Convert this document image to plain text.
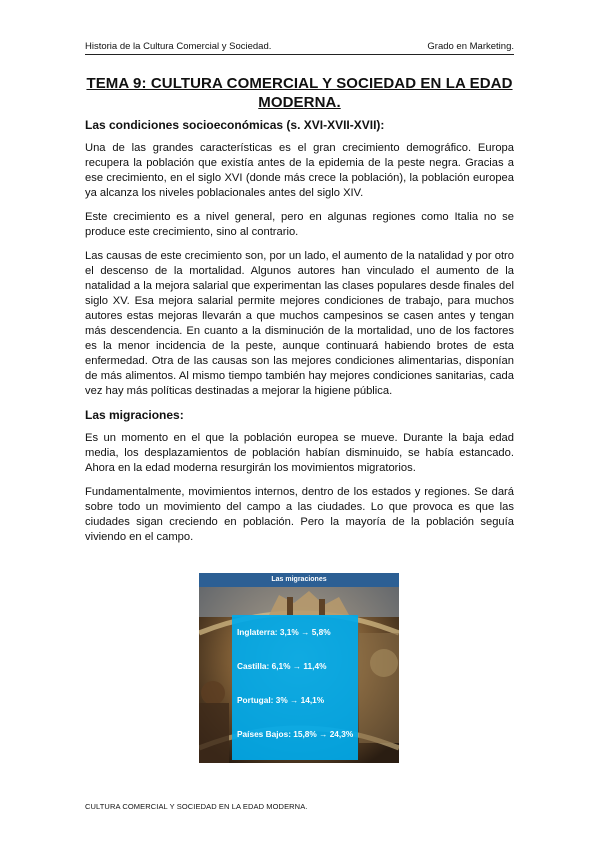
Historia de la Cultura Comercial y Sociedad.	Grado en Marketing.
TEMA 9: CULTURA COMERCIAL Y SOCIEDAD EN LA EDAD MODERNA.
Las condiciones socioeconómicas (s. XVI-XVII-XVII):

Una de las grandes características es el gran crecimiento demográfico. Europa recupera la población que existía antes de la epidemia de la peste negra. Gracias a ese crecimiento, en el siglo XVI (donde más crece la población), la población europea ya alcanza los niveles poblacionales antes del siglo XIV.

Este crecimiento es a nivel general, pero en algunas regiones como Italia no se produce este crecimiento, sino al contrario.

Las causas de este crecimiento son, por un lado, el aumento de la natalidad y por otro el descenso de la mortalidad. Algunos autores han vinculado el aumento de la natalidad a la mejora salarial que experimentan las clases populares desde finales del siglo XV. Esa mejora salarial permite mejores condiciones de trabajo, para muchos autores estas mejoras llevarán a que muchos campesinos se casen antes y tengan más descendencia. En cuanto a la disminución de la mortalidad, uno de los factores es la menor incidencia de la peste, aunque continuará habiendo brotes de esta enfermedad. Otra de las causas son las mejores condiciones alimentarias, disponían de más alimentos. Al mismo tiempo también hay mejores condiciones sanitarias, cada vez hay más políticas destinadas a mejorar la higiene pública.

Las migraciones:

Es un momento en el que la población europea se mueve. Durante la baja edad media, los desplazamientos de población habían disminuido, se había estancado. Ahora en la edad moderna resurgirán los movimientos migratorios.

Fundamentalmente, movimientos internos, dentro de los estados y regiones. Se dará sobre todo un movimiento del campo a las ciudades. Lo que provoca es que las ciudades sigan creciendo en población. Pero la mayoría de la población seguía viviendo en el campo.

Las migraciones
Inglaterra: 3,1% → 5,8%
Castilla: 6,1% → 11,4%
Portugal: 3% → 14,1%
Países Bajos: 15,8% → 24,3%
CULTURA COMERCIAL Y SOCIEDAD EN LA EDAD MODERNA.
